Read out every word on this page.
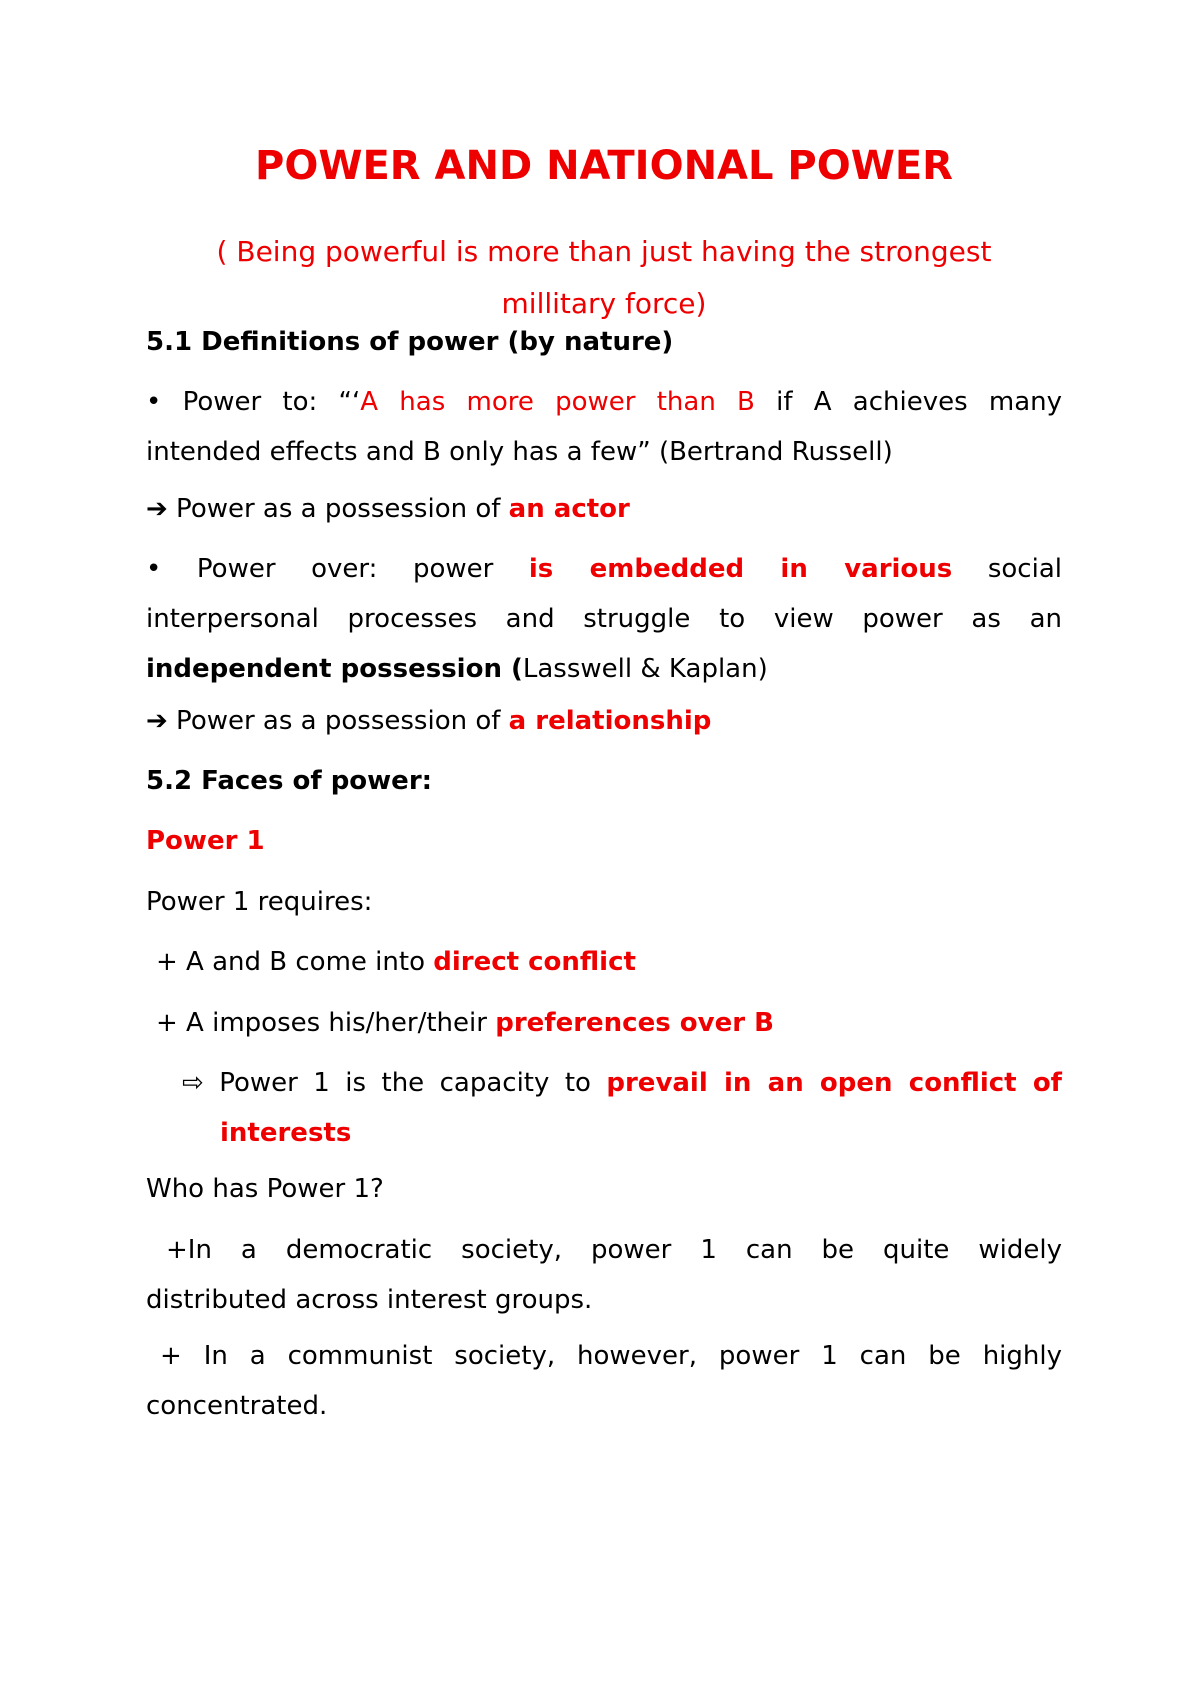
POWER AND NATIONAL POWER
( Being powerful is more than just having the strongest
millitary force)
5.1 Definitions of power (by nature)
• Power to: “‘A has more power than B if A achieves many
intended effects and B only has a few” (Bertrand Russell)
➔ Power as a possession of an actor
• Power over: power is embedded in various social
interpersonal processes and struggle to view power as an
independent possession (Lasswell & Kaplan)
➔ Power as a possession of a relationship
5.2 Faces of power:
Power 1
Power 1 requires:
+ A and B come into direct conflict
+ A imposes his/her/their preferences over B
⇨ Power 1 is the capacity to prevail in an open conflict of interests
Who has Power 1?
+In a democratic society, power 1 can be quite widely
distributed across interest groups.
+ In a communist society, however, power 1 can be highly
concentrated.
